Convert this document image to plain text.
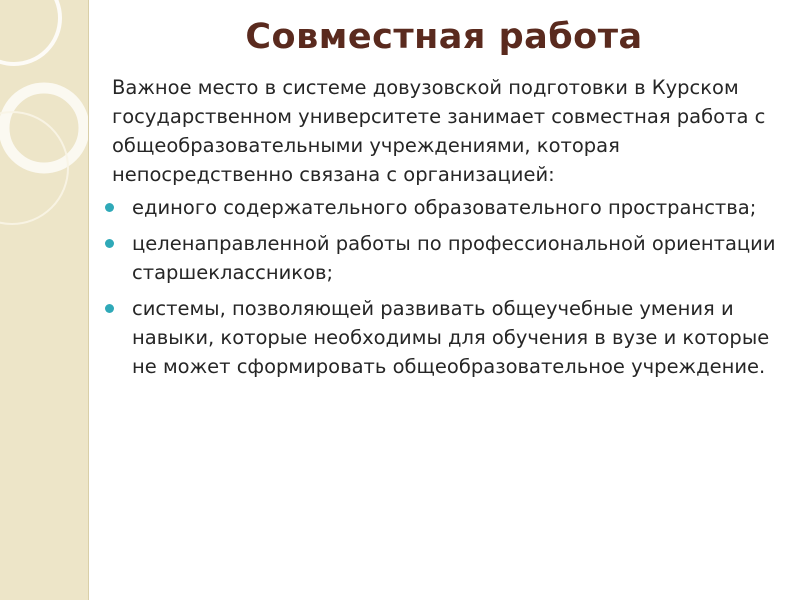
Совместная работа

Важное место в системе довузовской подготовки в Курском государственном университете занимает совместная работа с общеобразовательными учреждениями, которая непосредственно связана с организацией:

единого содержательного образовательного пространства;
целенаправленной работы по профессиональной ориентации старшеклассников;
системы, позволяющей развивать общеучебные умения и навыки, которые необходимы для обучения в вузе и которые не может сформировать общеобразовательное учреждение.
